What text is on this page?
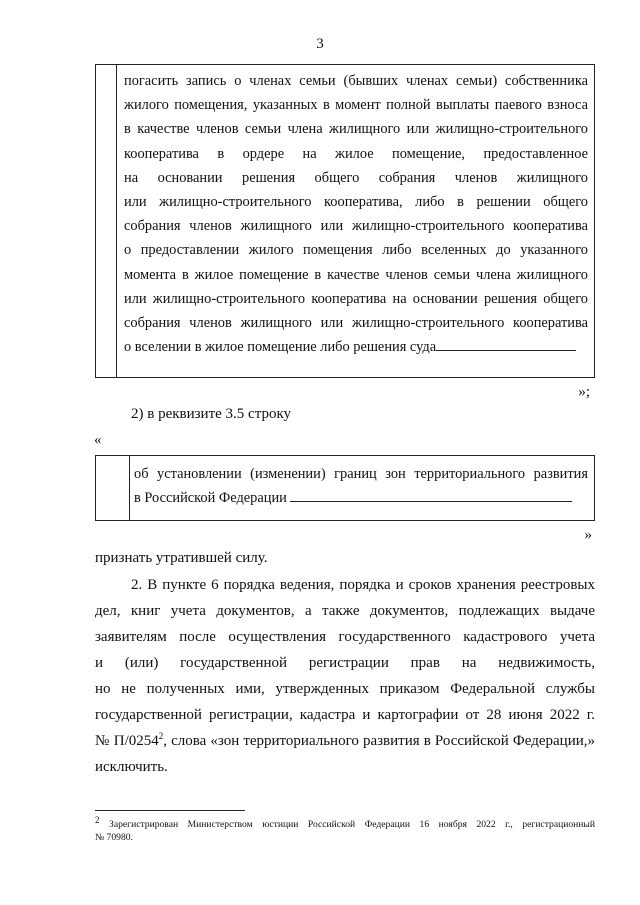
3
погасить запись о членах семьи (бывших членах семьи) собственника
жилого помещения, указанных в момент полной выплаты паевого взноса
в качестве членов семьи члена жилищного или жилищно-строительного
кооператива в ордере на жилое помещение, предоставленное
на основании решения общего собрания членов жилищного
или жилищно-строительного кооператива, либо в решении общего
собрания членов жилищного или жилищно-строительного кооператива
о предоставлении жилого помещения либо вселенных до указанного
момента в жилое помещение в качестве членов семьи члена жилищного
или жилищно-строительного кооператива на основании решения общего
собрания членов жилищного или жилищно-строительного кооператива
о вселении в жилое помещение либо решения суда
»;
2) в реквизите 3.5 строку
«
об установлении (изменении) границ зон территориального развития
в Российской Федерации
»
признать утратившей силу.
2. В пункте 6 порядка ведения, порядка и сроков хранения реестровых
дел, книг учета документов, а также документов, подлежащих выдаче
заявителям после осуществления государственного кадастрового учета
и (или) государственной регистрации прав на недвижимость,
но не полученных ими, утвержденных приказом Федеральной службы
государственной регистрации, кадастра и картографии от 28 июня 2022 г.
№ П/0254$^2$, слова «зон территориального развития в Российской Федерации,»
исключить.
$^2$ Зарегистрирован Министерством юстиции Российской Федерации 16 ноября 2022 г., регистрационный
№ 70980.
